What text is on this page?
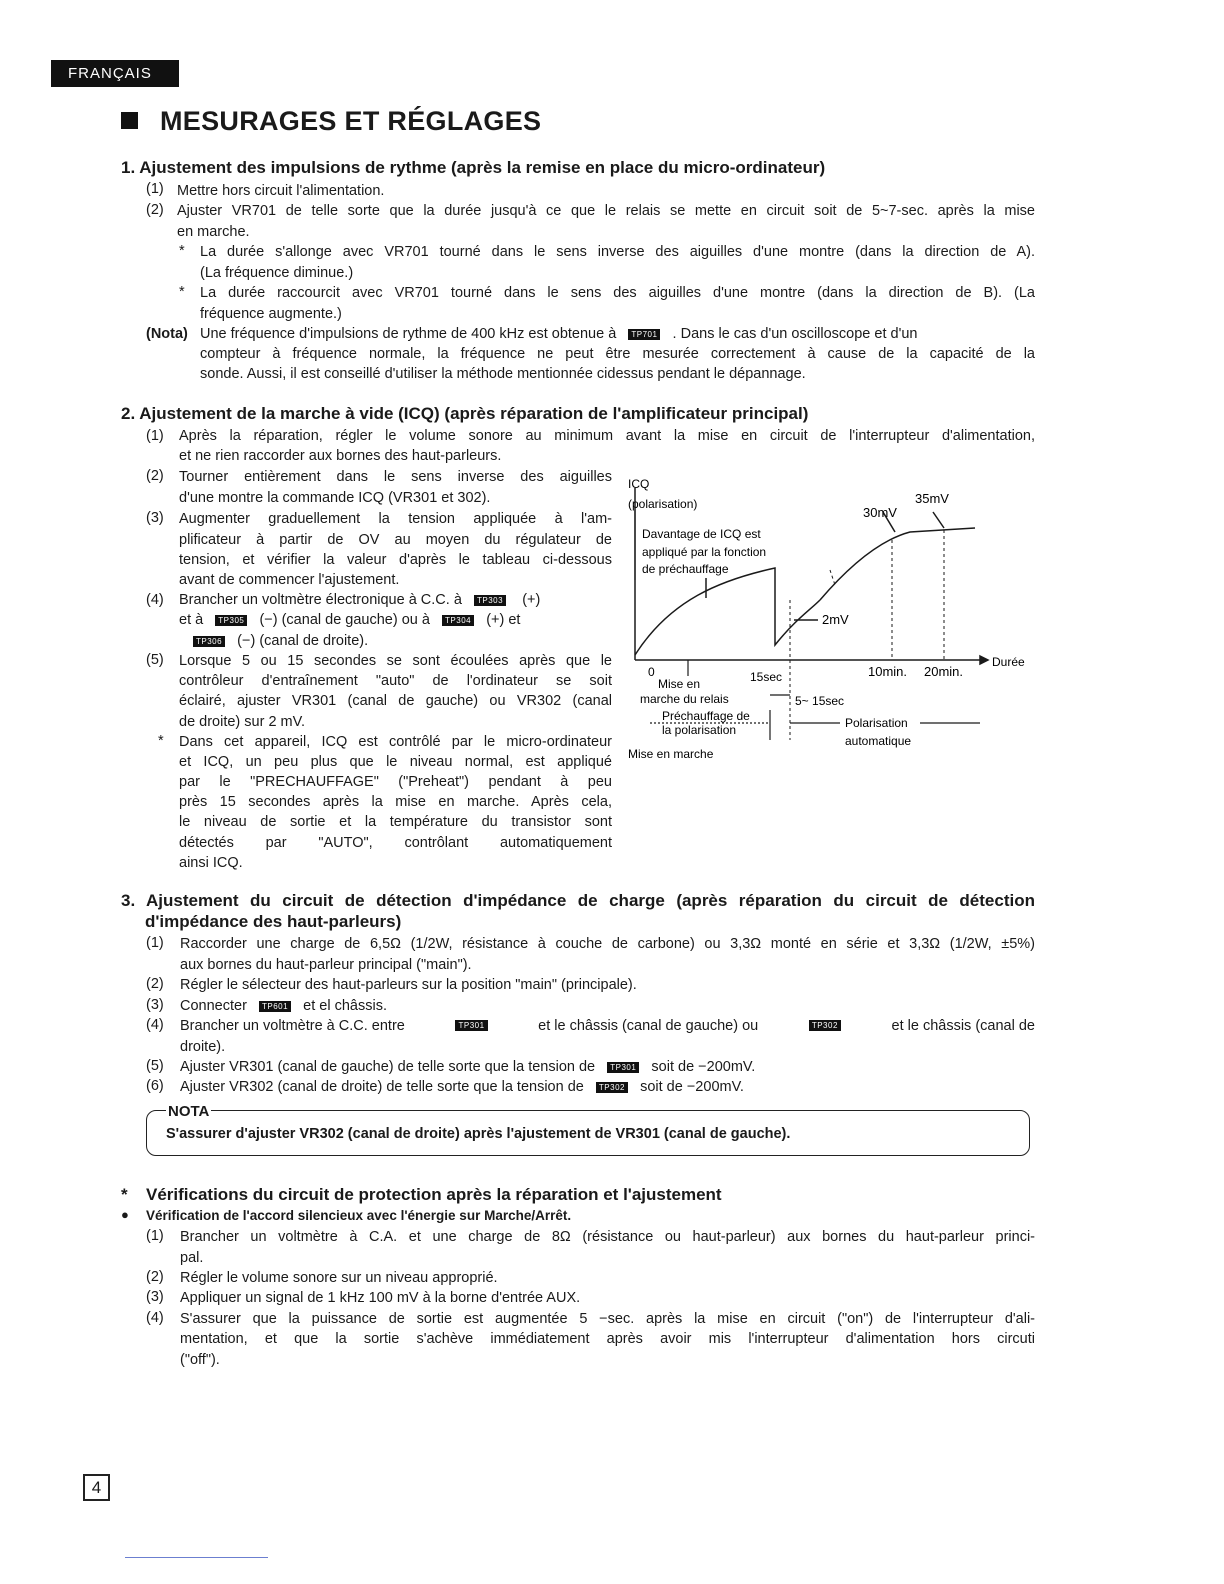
FRANÇAIS
MESURAGES ET RÉGLAGES
1. Ajustement des impulsions de rythme (après la remise en place du micro-ordinateur)
(1) Mettre hors circuit l'alimentation.
(2) Ajuster VR701 de telle sorte que la durée jusqu'à ce que le relais se mette en circuit soit de 5~7-sec. après la mise
en marche.
* La durée s'allonge avec VR701 tourné dans le sens inverse des aiguilles d'une montre (dans la direction de A).
(La fréquence diminue.)
* La durée raccourcit avec VR701 tourné dans le sens des aiguilles d'une montre (dans la direction de B). (La
fréquence augmente.)
(Nota) Une fréquence d'impulsions de rythme de 400 kHz est obtenue à TP701 . Dans le cas d'un oscilloscope et d'un
compteur à fréquence normale, la fréquence ne peut être mesurée correctement à cause de la capacité de la
sonde. Aussi, il est conseillé d'utiliser la méthode mentionnée cidessus pendant le dépannage.
2. Ajustement de la marche à vide (ICQ) (après réparation de l'amplificateur principal)
(1) Après la réparation, régler le volume sonore au minimum avant la mise en circuit de l'interrupteur d'alimentation,
et ne rien raccorder aux bornes des haut-parleurs.
(2) Tourner entièrement dans le sens inverse des aiguilles
d'une montre la commande ICQ (VR301 et 302).
(3) Augmenter graduellement la tension appliquée à l'am-
plificateur à partir de OV au moyen du régulateur de
tension, et vérifier la valeur d'après le tableau ci-dessous
avant de commencer l'ajustement.
(4) Brancher un voltmètre électronique à C.C. à TP303 (+)
et à TP305 (−) (canal de gauche) ou à TP304 (+) et
TP306 (−) (canal de droite).
(5) Lorsque 5 ou 15 secondes se sont écoulées après que le
contrôleur d'entraînement "auto" de l'ordinateur se soit
éclairé, ajuster VR301 (canal de gauche) ou VR302 (canal
de droite) sur 2 mV.
* Dans cet appareil, ICQ est contrôlé par le micro-ordinateur
et ICQ, un peu plus que le niveau normal, est appliqué
par le "PRECHAUFFAGE" ("Preheat") pendant à peu
près 15 secondes après la mise en marche. Après cela,
le niveau de sortie et la température du transistor sont
détectés par "AUTO", contrôlant automatiquement
ainsi ICQ.
ICQ
(polarisation)	35mV
30mV
Davantage de ICQ est
appliqué par la fonction
de préchauffage
2mV
Durée
0	15sec	10min. 20min.
Mise en
marche du relais	5~ 15sec
Préchauffage de
la polarisation	Polarisation
automatique
Mise en marche
3. Ajustement du circuit de détection d'impédance de charge (après réparation du circuit de détection
d'impédance des haut-parleurs)
(1) Raccorder une charge de 6,5Ω (1/2W, résistance à couche de carbone) ou 3,3Ω monté en série et 3,3Ω (1/2W, ±5%)
aux bornes du haut-parleur principal ("main").
(2) Régler le sélecteur des haut-parleurs sur la position "main" (principale).
(3) Connecter TP601 et el châssis.
(4) Brancher un voltmètre à C.C. entre	TP301	et le châssis (canal de gauche) ou	TP302	et le châssis (canal de
droite).
(5) Ajuster VR301 (canal de gauche) de telle sorte que la tension de TP301 soit de −200mV.
(6) Ajuster VR302 (canal de droite) de telle sorte que la tension de TP302 soit de −200mV.
NOTA
S'assurer d'ajuster VR302 (canal de droite) après l'ajustement de VR301 (canal de gauche).
* Vérifications du circuit de protection après la réparation et l'ajustement
● Vérification de l'accord silencieux avec l'énergie sur Marche/Arrêt.
(1) Brancher un voltmètre à C.A. et une charge de 8Ω (résistance ou haut-parleur) aux bornes du haut-parleur princi-
pal.
(2) Régler le volume sonore sur un niveau approprié.
(3) Appliquer un signal de 1 kHz 100 mV à la borne d'entrée AUX.
(4) S'assurer que la puissance de sortie est augmentée 5 −sec. après la mise en circuit ("on") de l'interrupteur d'ali-
mentation, et que la sortie s'achève immédiatement après avoir mis l'interrupteur d'alimentation hors circuti
("off").
4
